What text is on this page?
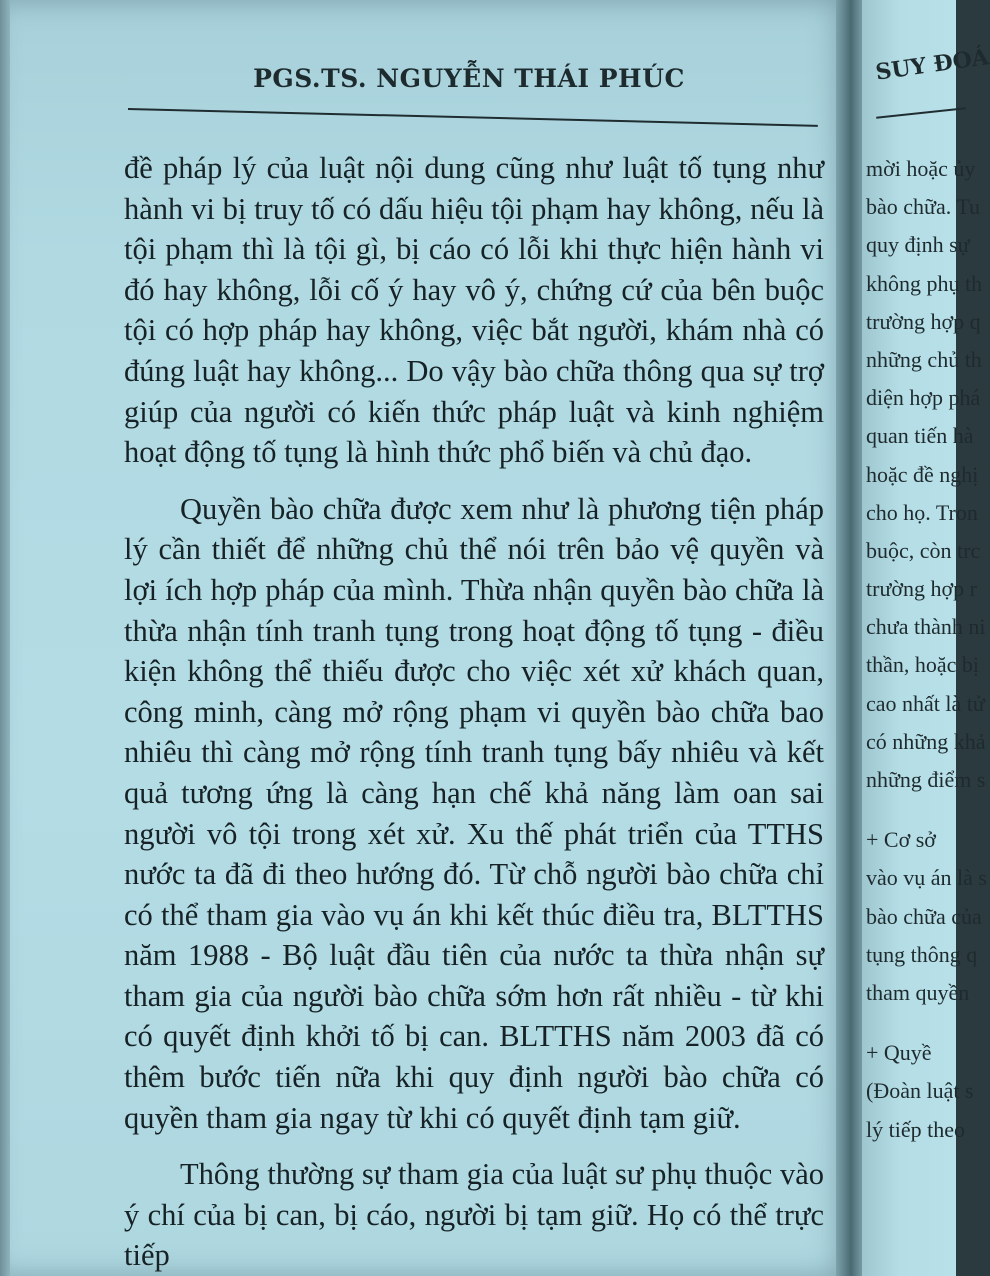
PGS.TS. NGUYỄN THÁI PHÚC

đề pháp lý của luật nội dung cũng như luật tố tụng như hành vi bị truy tố có dấu hiệu tội phạm hay không, nếu là tội phạm thì là tội gì, bị cáo có lỗi khi thực hiện hành vi đó hay không, lỗi cố ý hay vô ý, chứng cứ của bên buộc tội có hợp pháp hay không, việc bắt người, khám nhà có đúng luật hay không... Do vậy bào chữa thông qua sự trợ giúp của người có kiến thức pháp luật và kinh nghiệm hoạt động tố tụng là hình thức phổ biến và chủ đạo.

Quyền bào chữa được xem như là phương tiện pháp lý cần thiết để những chủ thể nói trên bảo vệ quyền và lợi ích hợp pháp của mình. Thừa nhận quyền bào chữa là thừa nhận tính tranh tụng trong hoạt động tố tụng - điều kiện không thể thiếu được cho việc xét xử khách quan, công minh, càng mở rộng phạm vi quyền bào chữa bao nhiêu thì càng mở rộng tính tranh tụng bấy nhiêu và kết quả tương ứng là càng hạn chế khả năng làm oan sai người vô tội trong xét xử. Xu thế phát triển của TTHS nước ta đã đi theo hướng đó. Từ chỗ người bào chữa chỉ có thể tham gia vào vụ án khi kết thúc điều tra, BLTTHS năm 1988 - Bộ luật đầu tiên của nước ta thừa nhận sự tham gia của người bào chữa sớm hơn rất nhiều - từ khi có quyết định khởi tố bị can. BLTTHS năm 2003 đã có thêm bước tiến nữa khi quy định người bào chữa có quyền tham gia ngay từ khi có quyết định tạm giữ.

Thông thường sự tham gia của luật sư phụ thuộc vào ý chí của bị can, bị cáo, người bị tạm giữ. Họ có thể trực tiếp

SUY ĐOÁ
mời hoặc ủy
bào chữa. Tu
quy định sự
không phụ th
trường hợp q
những chủ th
diện hợp phá
quan tiến hà
hoặc đề nghị
cho họ. Tron
buộc, còn trc
trường hợp r
chưa thành ni
thần, hoặc bị
cao nhất là tử
có những khả
những điểm s
+ Cơ sở
vào vụ án là s
bào chữa của
tụng thông q
tham quyền
+ Quyề
(Đoàn luật s
lý tiếp theo
